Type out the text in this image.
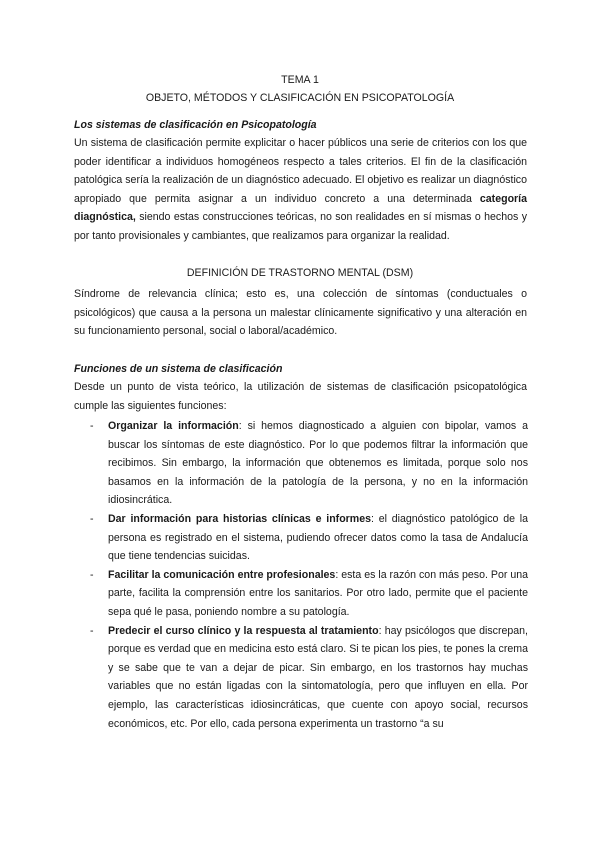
TEMA 1
OBJETO, MÉTODOS Y CLASIFICACIÓN EN PSICOPATOLOGÍA
Los sistemas de clasificación en Psicopatología

Un sistema de clasificación permite explicitar o hacer públicos una serie de criterios con los que poder identificar a individuos homogéneos respecto a tales criterios. El fin de la clasificación patológica sería la realización de un diagnóstico adecuado. El objetivo es realizar un diagnóstico apropiado que permita asignar a un individuo concreto a una determinada categoría diagnóstica, siendo estas construcciones teóricas, no son realidades en sí mismas o hechos y por tanto provisionales y cambiantes, que realizamos para organizar la realidad.

DEFINICIÓN DE TRASTORNO MENTAL (DSM)

Síndrome de relevancia clínica; esto es, una colección de síntomas (conductuales o psicológicos) que causa a la persona un malestar clínicamente significativo y una alteración en su funcionamiento personal, social o laboral/académico.

Funciones de un sistema de clasificación

Desde un punto de vista teórico, la utilización de sistemas de clasificación psicopatológica cumple las siguientes funciones:

- Organizar la información: si hemos diagnosticado a alguien con bipolar, vamos a buscar los síntomas de este diagnóstico. Por lo que podemos filtrar la información que recibimos. Sin embargo, la información que obtenemos es limitada, porque solo nos basamos en la información de la patología de la persona, y no en la información idiosincrática.
- Dar información para historias clínicas e informes: el diagnóstico patológico de la persona es registrado en el sistema, pudiendo ofrecer datos como la tasa de Andalucía que tiene tendencias suicidas.
- Facilitar la comunicación entre profesionales: esta es la razón con más peso. Por una parte, facilita la comprensión entre los sanitarios. Por otro lado, permite que el paciente sepa qué le pasa, poniendo nombre a su patología.
- Predecir el curso clínico y la respuesta al tratamiento: hay psicólogos que discrepan, porque es verdad que en medicina esto está claro. Si te pican los pies, te pones la crema y se sabe que te van a dejar de picar. Sin embargo, en los trastornos hay muchas variables que no están ligadas con la sintomatología, pero que influyen en ella. Por ejemplo, las características idiosincráticas, que cuente con apoyo social, recursos económicos, etc. Por ello, cada persona experimenta un trastorno “a su
